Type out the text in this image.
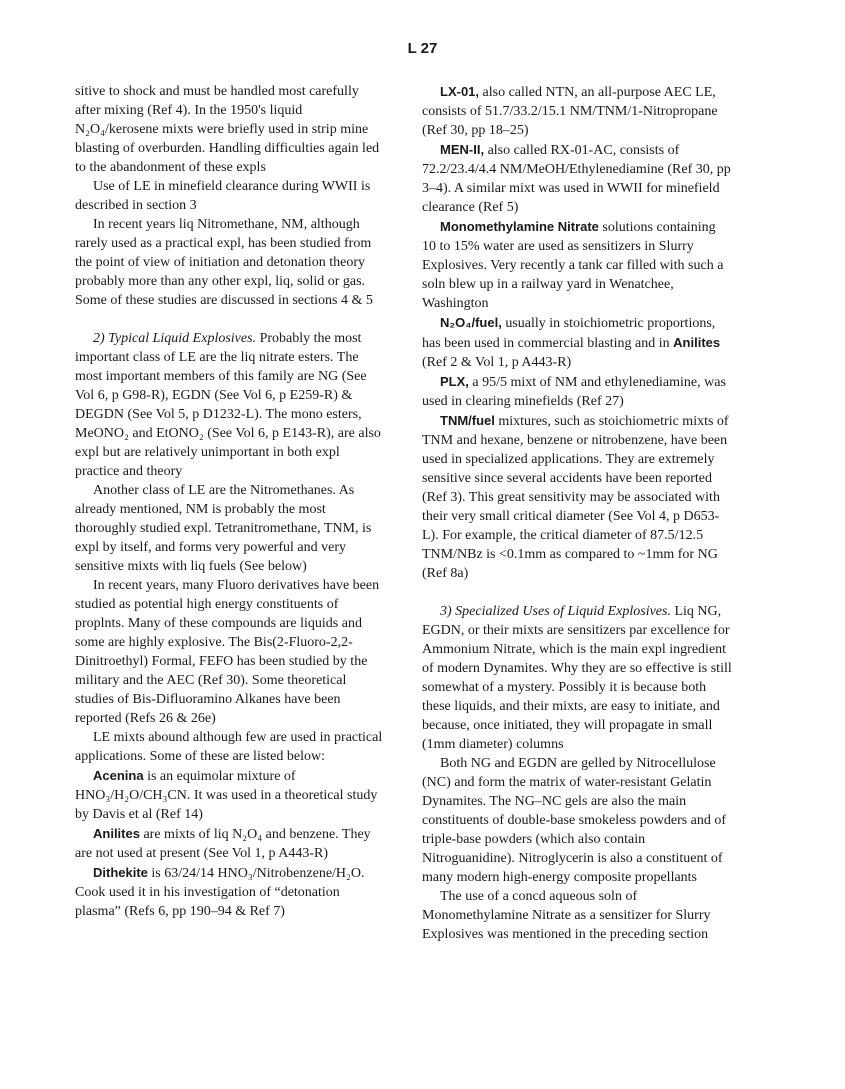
L 27

sitive to shock and must be handled most carefully after mixing (Ref 4). In the 1950's liquid N₂O₄/kerosene mixts were briefly used in strip mine blasting of overburden. Handling difficulties again led to the abandonment of these expls

Use of LE in minefield clearance during WWII is described in section 3

In recent years liq Nitromethane, NM, although rarely used as a practical expl, has been studied from the point of view of initiation and detonation theory probably more than any other expl, liq, solid or gas. Some of these studies are discussed in sections 4 & 5

2) Typical Liquid Explosives. Probably the most important class of LE are the liq nitrate esters. The most important members of this family are NG (See Vol 6, p G98-R), EGDN (See Vol 6, p E259-R) & DEGDN (See Vol 5, p D1232-L). The mono esters, MeONO₂ and EtONO₂ (See Vol 6, p E143-R), are also expl but are relatively unimportant in both expl practice and theory

Another class of LE are the Nitromethanes. As already mentioned, NM is probably the most thoroughly studied expl. Tetranitromethane, TNM, is expl by itself, and forms very powerful and very sensitive mixts with liq fuels (See below)

In recent years, many Fluoro derivatives have been studied as potential high energy constituents of proplnts. Many of these compounds are liquids and some are highly explosive. The Bis(2-Fluoro-2,2-Dinitroethyl) Formal, FEFO has been studied by the military and the AEC (Ref 30). Some theoretical studies of Bis-Difluoramino Alkanes have been reported (Refs 26 & 26e)

LE mixts abound although few are used in practical applications. Some of these are listed below:

Acenina is an equimolar mixture of HNO₃/H₂O/CH₃CN. It was used in a theoretical study by Davis et al (Ref 14)

Anilites are mixts of liq N₂O₄ and benzene. They are not used at present (See Vol 1, p A443-R)

Dithekite is 63/24/14 HNO₃/Nitrobenzene/H₂O. Cook used it in his investigation of “detonation plasma” (Refs 6, pp 190–94 & Ref 7)

LX-01, also called NTN, an all-purpose AEC LE, consists of 51.7/33.2/15.1 NM/TNM/1-Nitropropane (Ref 30, pp 18–25)

MEN-II, also called RX-01-AC, consists of 72.2/23.4/4.4 NM/MeOH/Ethylenediamine (Ref 30, pp 3–4). A similar mixt was used in WWII for minefield clearance (Ref 5)

Monomethylamine Nitrate solutions containing 10 to 15% water are used as sensitizers in Slurry Explosives. Very recently a tank car filled with such a soln blew up in a railway yard in Wenatchee, Washington

N₂O₄/fuel, usually in stoichiometric proportions, has been used in commercial blasting and in Anilites (Ref 2 & Vol 1, p A443-R)

PLX, a 95/5 mixt of NM and ethylenediamine, was used in clearing minefields (Ref 27)

TNM/fuel mixtures, such as stoichiometric mixts of TNM and hexane, benzene or nitrobenzene, have been used in specialized applications. They are extremely sensitive since several accidents have been reported (Ref 3). This great sensitivity may be associated with their very small critical diameter (See Vol 4, p D653-L). For example, the critical diameter of 87.5/12.5 TNM/NBz is <0.1mm as compared to ~1mm for NG (Ref 8a)

3) Specialized Uses of Liquid Explosives. Liq NG, EGDN, or their mixts are sensitizers par excellence for Ammonium Nitrate, which is the main expl ingredient of modern Dynamites. Why they are so effective is still somewhat of a mystery. Possibly it is because both these liquids, and their mixts, are easy to initiate, and because, once initiated, they will propagate in small (1mm diameter) columns

Both NG and EGDN are gelled by Nitrocellulose (NC) and form the matrix of water-resistant Gelatin Dynamites. The NG–NC gels are also the main constituents of double-base smokeless powders and of triple-base powders (which also contain Nitroguanidine). Nitroglycerin is also a constituent of many modern high-energy composite propellants

The use of a concd aqueous soln of Monomethylamine Nitrate as a sensitizer for Slurry Explosives was mentioned in the preceding section
